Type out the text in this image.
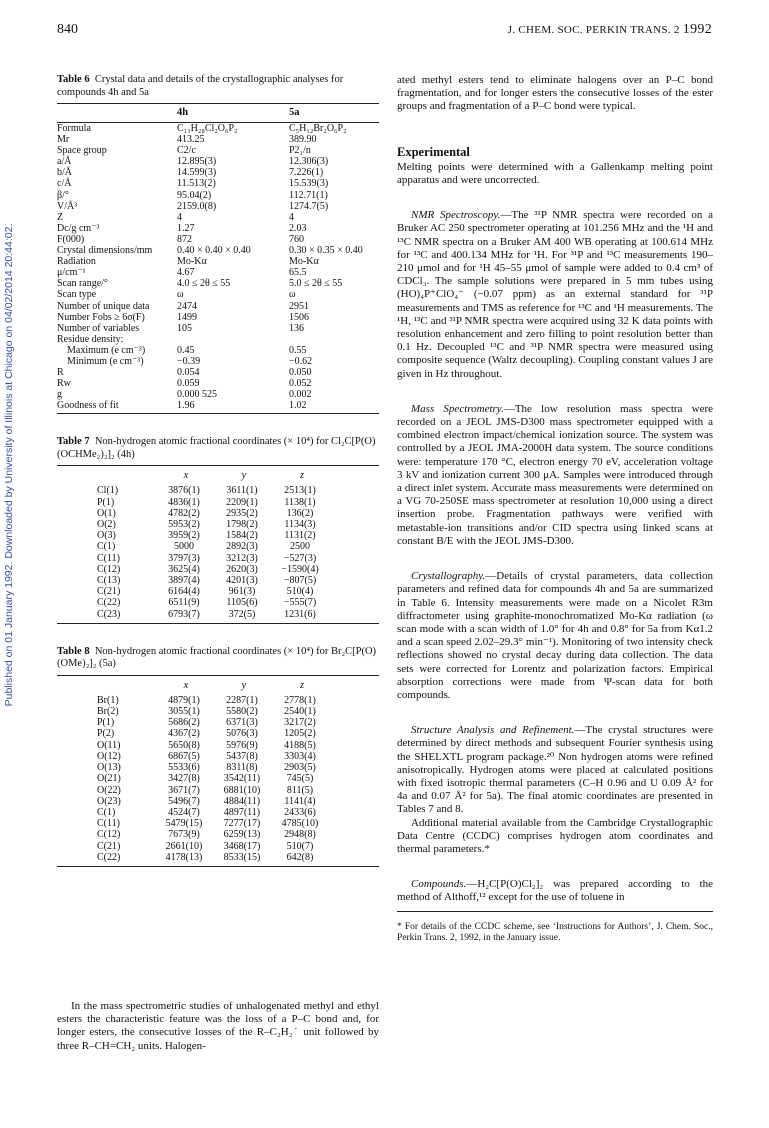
840	J. CHEM. SOC. PERKIN TRANS. 2 1992
Published on 01 January 1992. Downloaded by University of Illinois at Chicago on 04/02/2014 20:44:02.

Table 6 Crystal data and details of the crystallographic analyses for compounds 4h and 5a

	4h	5a
Formula	C₁₃H₂₈Cl₂O₆P₂	C₅H₁₂Br₂O₆P₂
Mr	413.25	389.90
Space group	C2/c	P2₁/n
a/Å	12.895(3)	12.306(3)
b/Å	14.599(3)	7.226(1)
c/Å	11.513(2)	15.539(3)
β/°	95.04(2)	112.71(1)
V/Å³	2159.0(8)	1274.7(5)
Z	4	4
Dc/g cm⁻³	1.27	2.03
F(000)	872	760
Crystal dimensions/mm	0.40 × 0.40 × 0.40	0.30 × 0.35 × 0.40
Radiation	Mo-Kα	Mo-Kα
μ/cm⁻¹	4.67	65.5
Scan range/°	4.0 ≤ 2θ ≤ 55	5.0 ≤ 2θ ≤ 55
Scan type	ω	ω
Number of unique data	2474	2951
Number Fobs ≥ 6σ(F)	1499	1506
Number of variables	105	136
Residue density:		
Maximum (e cm⁻³)	0.45	0.55
Minimum (e cm⁻³)	−0.39	−0.62
R	0.054	0.050
Rw	0.059	0.052
g	0.000 525	0.002
Goodness of fit	1.96	1.02

Table 7 Non-hydrogen atomic fractional coordinates (× 10⁴) for Cl₂C[P(O)(OCHMe₂)₂]₂ (4h)

	x	y	z
Cl(1)	3876(1)	3611(1)	2513(1)
P(1)	4836(1)	2209(1)	1138(1)
O(1)	4782(2)	2935(2)	136(2)
O(2)	5953(2)	1798(2)	1134(3)
O(3)	3959(2)	1584(2)	1131(2)
C(1)	5000	2892(3)	2500
C(11)	3797(3)	3212(3)	−527(3)
C(12)	3625(4)	2620(3)	−1590(4)
C(13)	3897(4)	4201(3)	−807(5)
C(21)	6164(4)	961(3)	510(4)
C(22)	6511(9)	1105(6)	−555(7)
C(23)	6793(7)	372(5)	1231(6)

Table 8 Non-hydrogen atomic fractional coordinates (× 10⁴) for Br₂C[P(O)(OMe)₂]₂ (5a)

	x	y	z
Br(1)	4879(1)	2287(1)	2778(1)
Br(2)	3055(1)	5580(2)	2540(1)
P(1)	5686(2)	6371(3)	3217(2)
P(2)	4367(2)	5076(3)	1205(2)
O(11)	5650(8)	5976(9)	4188(5)
O(12)	6867(5)	5437(8)	3303(4)
O(13)	5533(6)	8311(8)	2903(5)
O(21)	3427(8)	3542(11)	745(5)
O(22)	3671(7)	6881(10)	811(5)
O(23)	5496(7)	4884(11)	1141(4)
C(1)	4524(7)	4897(11)	2433(6)
C(11)	5479(15)	7277(17)	4785(10)
C(12)	7673(9)	6259(13)	2948(8)
C(21)	2661(10)	3468(17)	510(7)
C(22)	4178(13)	8533(15)	642(8)

In the mass spectrometric studies of unhalogenated methyl and ethyl esters the characteristic feature was the loss of a P–C bond and, for longer esters, the consecutive losses of the R–C₂H₂˙ unit followed by three R–CH=CH₂ units. Halogen-

ated methyl esters tend to eliminate halogens over an P–C bond fragmentation, and for longer esters the consecutive losses of the ester groups and fragmentation of a P–C bond were typical.

Experimental

Melting points were determined with a Gallenkamp melting point apparatus and were uncorrected.

NMR Spectroscopy.—The ³¹P NMR spectra were recorded on a Bruker AC 250 spectrometer operating at 101.256 MHz and the ¹H and ¹³C NMR spectra on a Bruker AM 400 WB operating at 100.614 MHz for ¹³C and 400.134 MHz for ¹H. For ³¹P and ¹³C measurements 190–210 μmol and for ¹H 45–55 μmol of sample were added to 0.4 cm³ of CDCl₃. The sample solutions were prepared in 5 mm tubes using (HO)₄P⁺ClO₄⁻ (−0.07 ppm) as an external standard for ³¹P measurements and TMS as reference for ¹³C and ¹H measurements. The ¹H, ¹³C and ³¹P NMR spectra were acquired using 32 K data points with resolution enhancement and zero filling to point resolution better than 0.1 Hz. Decoupled ¹³C and ³¹P NMR spectra were measured using composite sequence (Waltz decoupling). Coupling constant values J are given in Hz throughout.

Mass Spectrometry.—The low resolution mass spectra were recorded on a JEOL JMS-D300 mass spectrometer equipped with a combined electron impact/chemical ionization source. The system was controlled by a JEOL JMA-2000H data system. The source conditions were: temperature 170 °C, electron energy 70 eV, acceleration voltage 3 kV and ionization current 300 μA. Samples were introduced through a direct inlet system. Accurate mass measurements were determined on a VG 70-250SE mass spectrometer at resolution 10,000 using a direct insertion probe. Fragmentation pathways were verified with metastable-ion transitions and/or CID spectra using linked scans at constant B/E with the JEOL JMS-D300.

Crystallography.—Details of crystal parameters, data collection parameters and refined data for compounds 4h and 5a are summarized in Table 6. Intensity measurements were made on a Nicolet R3m diffractometer using graphite-monochromatized Mo-Kα radiation (ω scan mode with a scan width of 1.0° for 4h and 0.8° for 5a from Kα1.2 and a scan speed 2.02–29.3° min⁻¹). Monitoring of two intensity check reflections showed no crystal decay during data collection. The data sets were corrected for Lorentz and polarization factors. Empirical absorption corrections were made from Ψ-scan data for both compounds.

Structure Analysis and Refinement.—The crystal structures were determined by direct methods and subsequent Fourier synthesis using the SHELXTL program package.²⁰ Non hydrogen atoms were refined anisotropically. Hydrogen atoms were placed at calculated positions with fixed isotropic thermal parameters (C–H 0.96 and U 0.09 Å² for 4a and 0.07 Å² for 5a). The final atomic coordinates are presented in Tables 7 and 8.

Additional material available from the Cambridge Crystallographic Data Centre (CCDC) comprises hydrogen atom coordinates and thermal parameters.*

Compounds.—H₂C[P(O)Cl₂]₂ was prepared according to the method of Althoff,¹² except for the use of toluene in

* For details of the CCDC scheme, see ‘Instructions for Authors’, J. Chem. Soc., Perkin Trans. 2, 1992, in the January issue.
